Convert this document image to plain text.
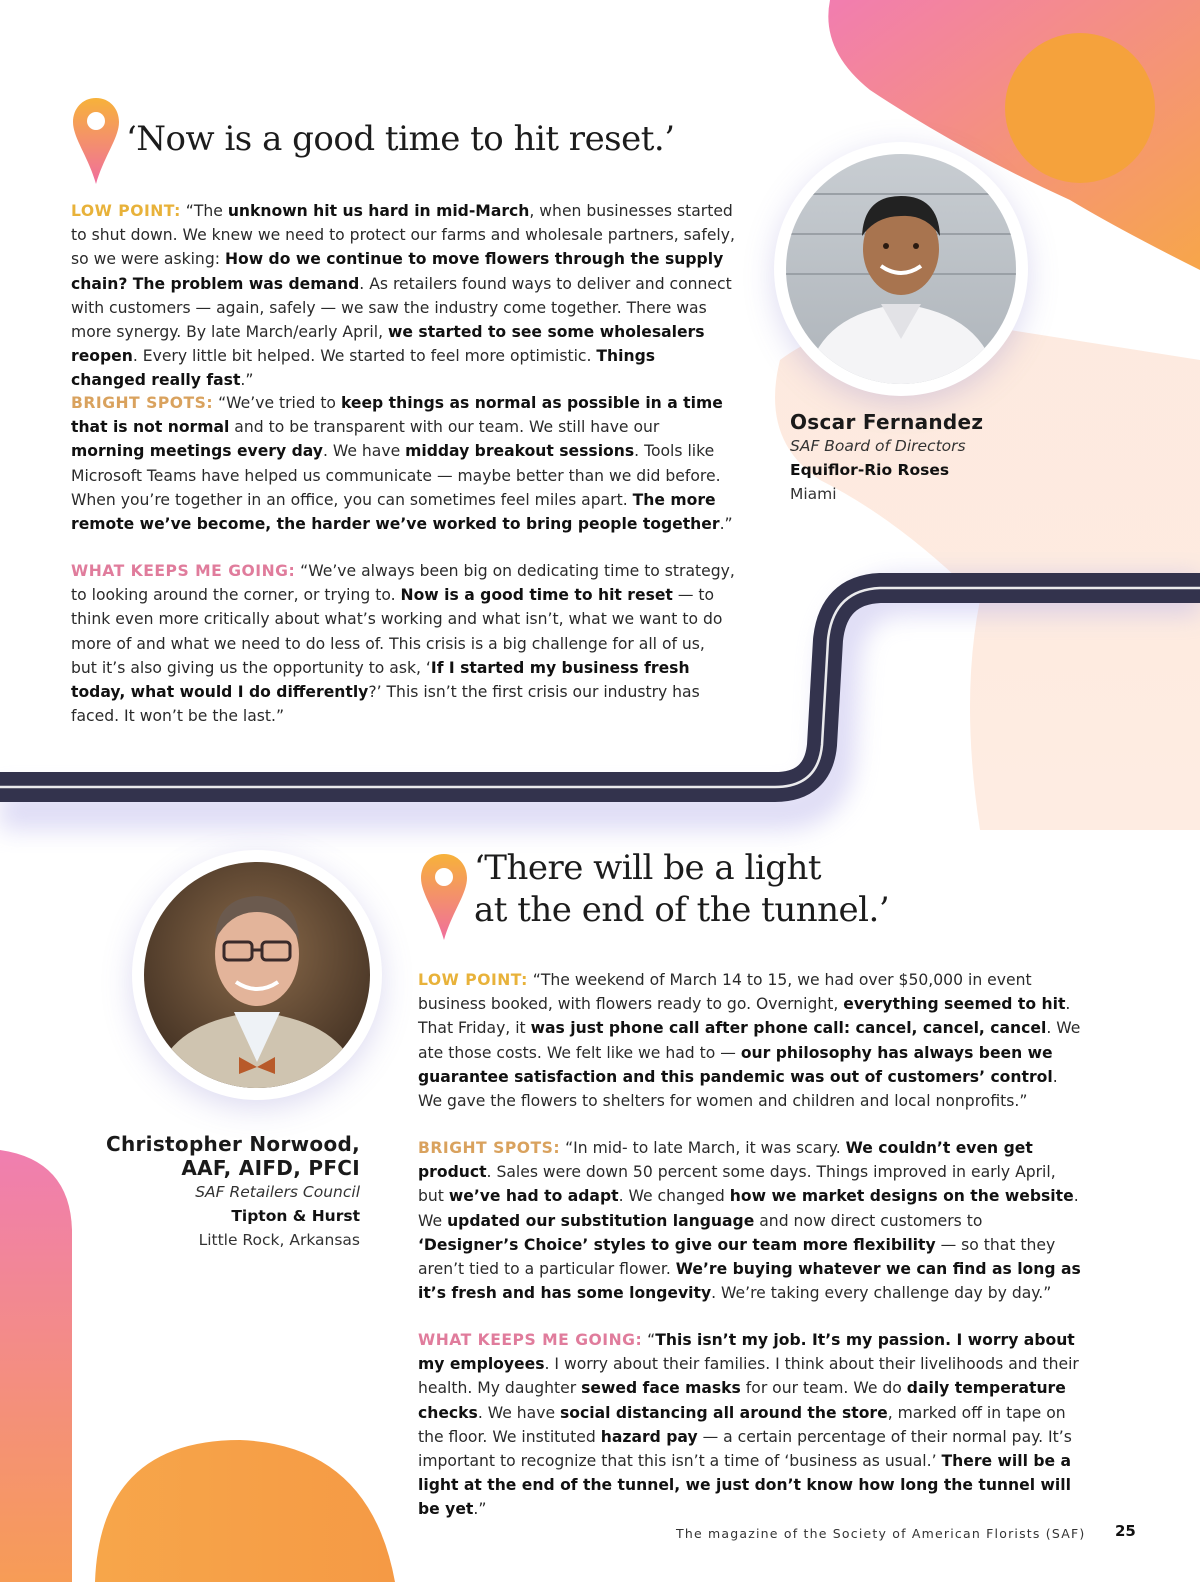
‘Now is a good time to hit reset.’
LOW POINT: “The unknown hit us hard in mid-March, when businesses started to shut down. We knew we need to protect our farms and wholesale partners, safely, so we were asking: How do we continue to move flowers through the supply chain? The problem was demand. As retailers found ways to deliver and connect with customers — again, safely — we saw the industry come together. There was more synergy. By late March/early April, we started to see some wholesalers reopen. Every little bit helped. We started to feel more optimistic. Things changed really fast.”
BRIGHT SPOTS: “We’ve tried to keep things as normal as possible in a time that is not normal and to be transparent with our team. We still have our morning meetings every day. We have midday breakout sessions. Tools like Microsoft Teams have helped us communicate — maybe better than we did before. When you’re together in an office, you can sometimes feel miles apart. The more remote we’ve become, the harder we’ve worked to bring people together.”
WHAT KEEPS ME GOING: “We’ve always been big on dedicating time to strategy, to looking around the corner, or trying to. Now is a good time to hit reset — to think even more critically about what’s working and what isn’t, what we want to do more of and what we need to do less of. This crisis is a big challenge for all of us, but it’s also giving us the opportunity to ask, ‘If I started my business fresh today, what would I do differently?’ This isn’t the first crisis our industry has faced. It won’t be the last.”
Oscar Fernandez
SAF Board of Directors
Equiflor-Rio Roses
Miami
‘There will be a light
at the end of the tunnel.’
Christopher Norwood,
AAF, AIFD, PFCI
SAF Retailers Council
Tipton & Hurst
Little Rock, Arkansas
LOW POINT: “The weekend of March 14 to 15, we had over $50,000 in event business booked, with flowers ready to go. Overnight, everything seemed to hit. That Friday, it was just phone call after phone call: cancel, cancel, cancel. We ate those costs. We felt like we had to — our philosophy has always been we guarantee satisfaction and this pandemic was out of customers’ control. We gave the flowers to shelters for women and children and local nonprofits.”
BRIGHT SPOTS: “In mid- to late March, it was scary. We couldn’t even get product. Sales were down 50 percent some days. Things improved in early April, but we’ve had to adapt. We changed how we market designs on the website. We updated our substitution language and now direct customers to ‘Designer’s Choice’ styles to give our team more flexibility — so that they aren’t tied to a particular flower. We’re buying whatever we can find as long as it’s fresh and has some longevity. We’re taking every challenge day by day.”
WHAT KEEPS ME GOING: “This isn’t my job. It’s my passion. I worry about my employees. I worry about their families. I think about their livelihoods and their health. My daughter sewed face masks for our team. We do daily temperature checks. We have social distancing all around the store, marked off in tape on the floor. We instituted hazard pay — a certain percentage of their normal pay. It’s important to recognize that this isn’t a time of ‘business as usual.’ There will be a light at the end of the tunnel, we just don’t know how long the tunnel will be yet.”
The magazine of the Society of American Florists (SAF) 25
